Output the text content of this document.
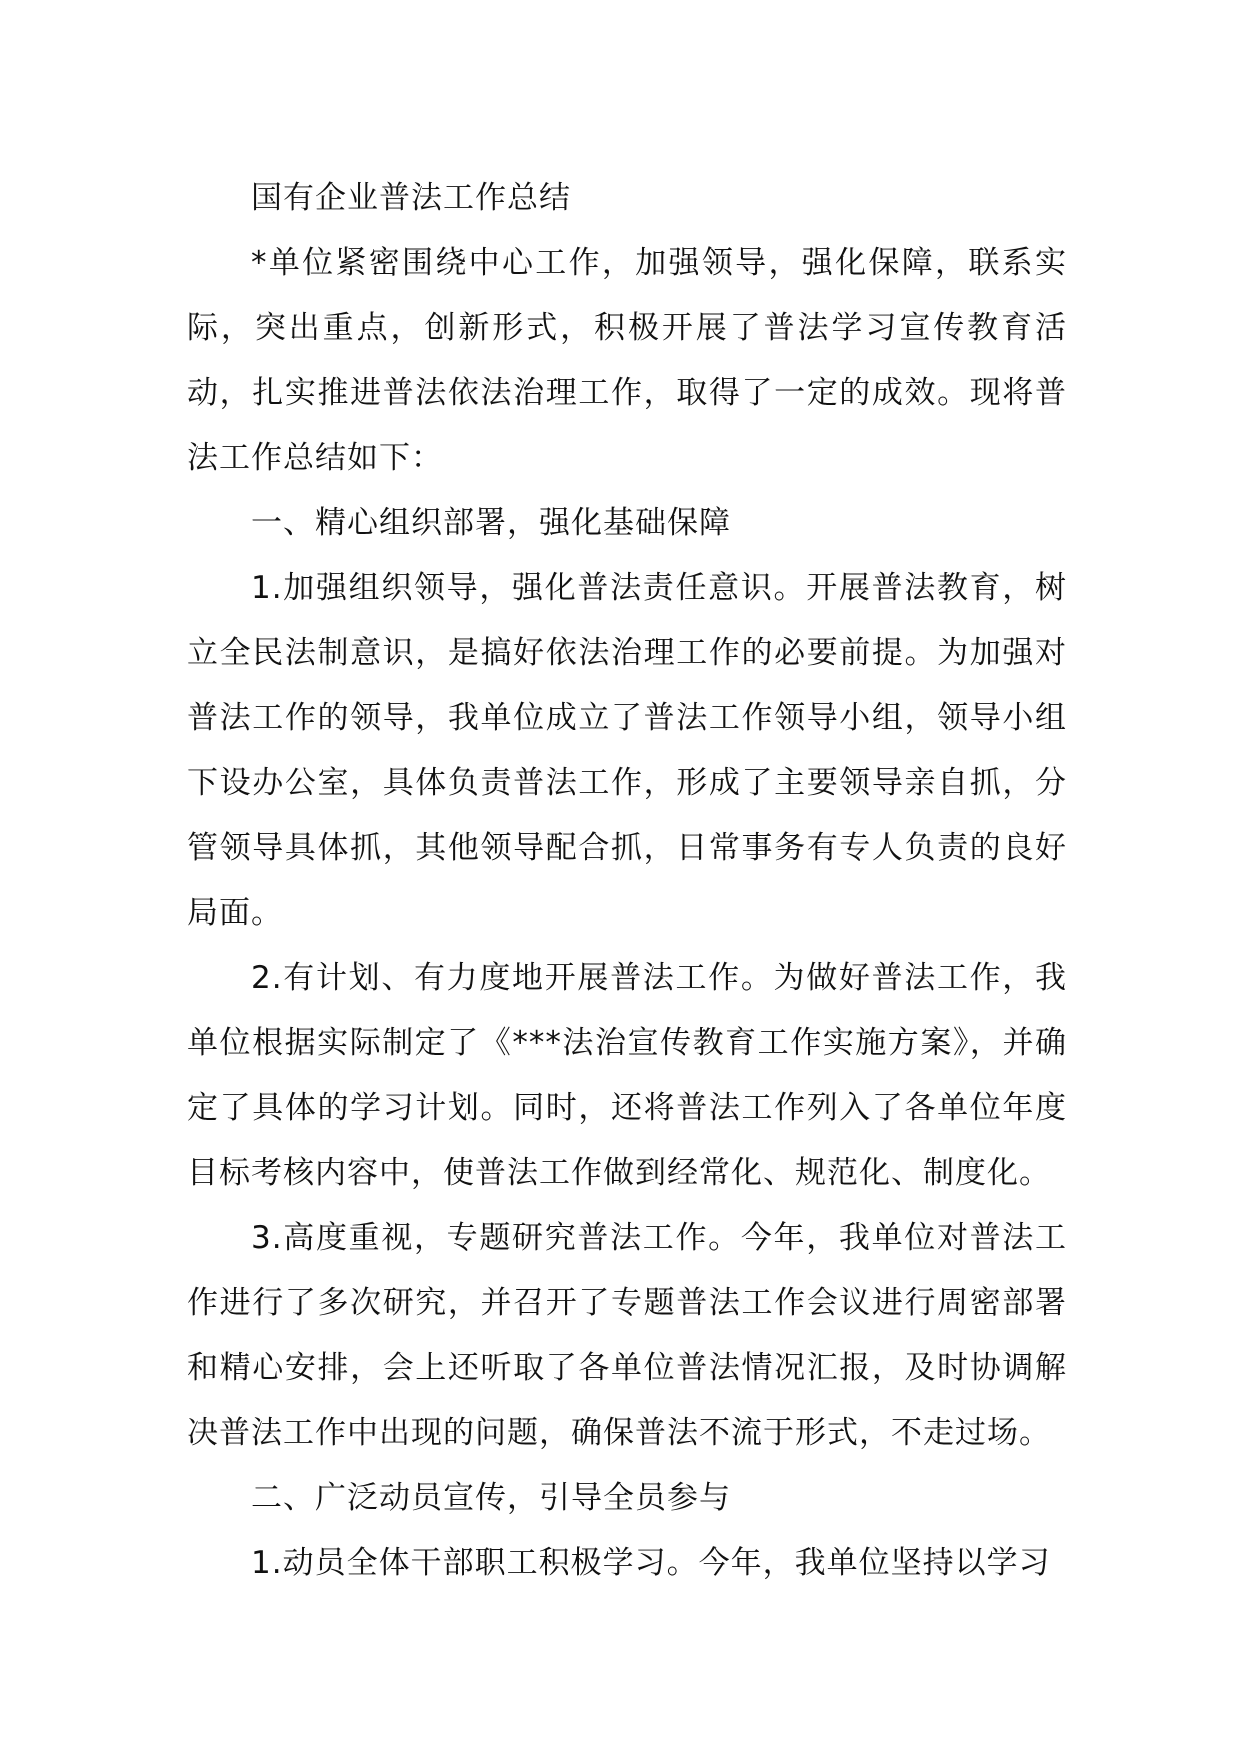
国有企业普法工作总结

*单位紧密围绕中心工作，加强领导，强化保障，联系实际，突出重点，创新形式，积极开展了普法学习宣传教育活动，扎实推进普法依法治理工作，取得了一定的成效。现将普法工作总结如下：

一、精心组织部署，强化基础保障

1.加强组织领导，强化普法责任意识。开展普法教育，树立全民法制意识，是搞好依法治理工作的必要前提。为加强对普法工作的领导，我单位成立了普法工作领导小组，领导小组下设办公室，具体负责普法工作，形成了主要领导亲自抓，分管领导具体抓，其他领导配合抓，日常事务有专人负责的良好局面。

2.有计划、有力度地开展普法工作。为做好普法工作，我单位根据实际制定了《***法治宣传教育工作实施方案》，并确定了具体的学习计划。同时，还将普法工作列入了各单位年度目标考核内容中，使普法工作做到经常化、规范化、制度化。

3.高度重视，专题研究普法工作。今年，我单位对普法工作进行了多次研究，并召开了专题普法工作会议进行周密部署和精心安排，会上还听取了各单位普法情况汇报，及时协调解决普法工作中出现的问题，确保普法不流于形式，不走过场。

二、广泛动员宣传，引导全员参与

1.动员全体干部职工积极学习。今年，我单位坚持以学习
